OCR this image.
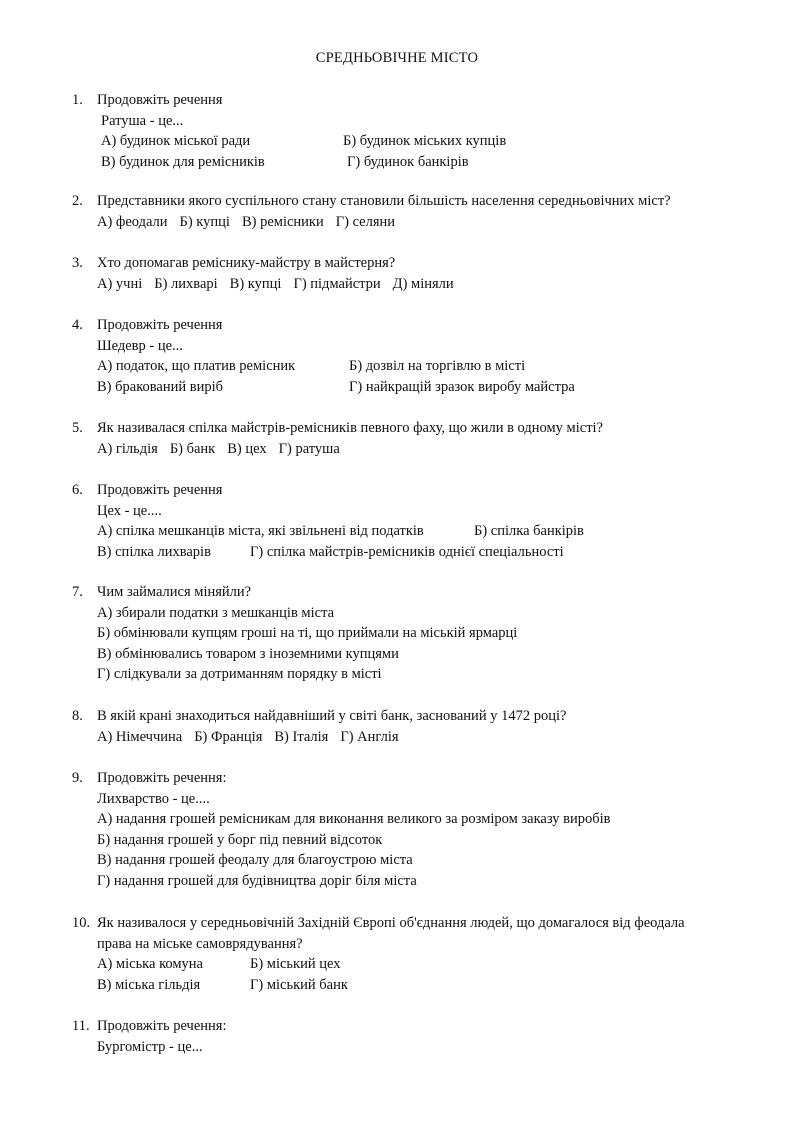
СРЕДНЬОВІЧНЕ МІСТО
1. Продовжіть речення
Ратуша - це...
А) будинок міської ради	Б) будинок міських купців
В) будинок для ремісників	Г) будинок банкірів
2. Представники якого суспільного стану становили більшість населення середньовічних міст?
А) феодали Б) купці В) ремісники Г) селяни
3. Хто допомагав реміснику-майстру в майстерня?
А) учні Б) лихварі В) купці Г) підмайстри Д) міняли
4. Продовжіть речення
Шедевр - це...
А) податок, що платив ремісник	Б) дозвіл на торгівлю в місті
В) бракований виріб	Г) найкращій зразок виробу майстра
5. Як називалася спілка майстрів-ремісників певного фаху, що жили в одному місті?
А) гільдія Б) банк В) цех Г) ратуша
6. Продовжіть речення
Цех - це....
А) спілка мешканців міста, які звільнені від податків	Б) спілка банкірів
В) спілка лихварів	Г) спілка майстрів-ремісників однієї спеціальності
7. Чим займалися міняйли?
А) збирали податки з мешканців міста
Б) обмінювали купцям гроші на ті, що приймали на міській ярмарці
В) обмінювались товаром з іноземними купцями
Г) слідкували за дотриманням порядку в місті
8. В якій крані знаходиться найдавніший у світі банк, заснований у 1472 році?
А) Німеччина Б) Франція В) Італія Г) Англія
9. Продовжіть речення:
Лихварство - це....
А) надання грошей ремісникам для виконання великого за розміром заказу виробів
Б) надання грошей у борг під певний відсоток
В) надання грошей феодалу для благоустрою міста
Г) надання грошей для будівництва доріг біля міста
10. Як називалося у середньовічній Західній Європі об'єднання людей, що домагалося від феодала
права на міське самоврядування?
А) міська комуна	Б) міський цех
В) міська гільдія	Г) міський банк
11. Продовжіть речення:
Бургомістр - це...
